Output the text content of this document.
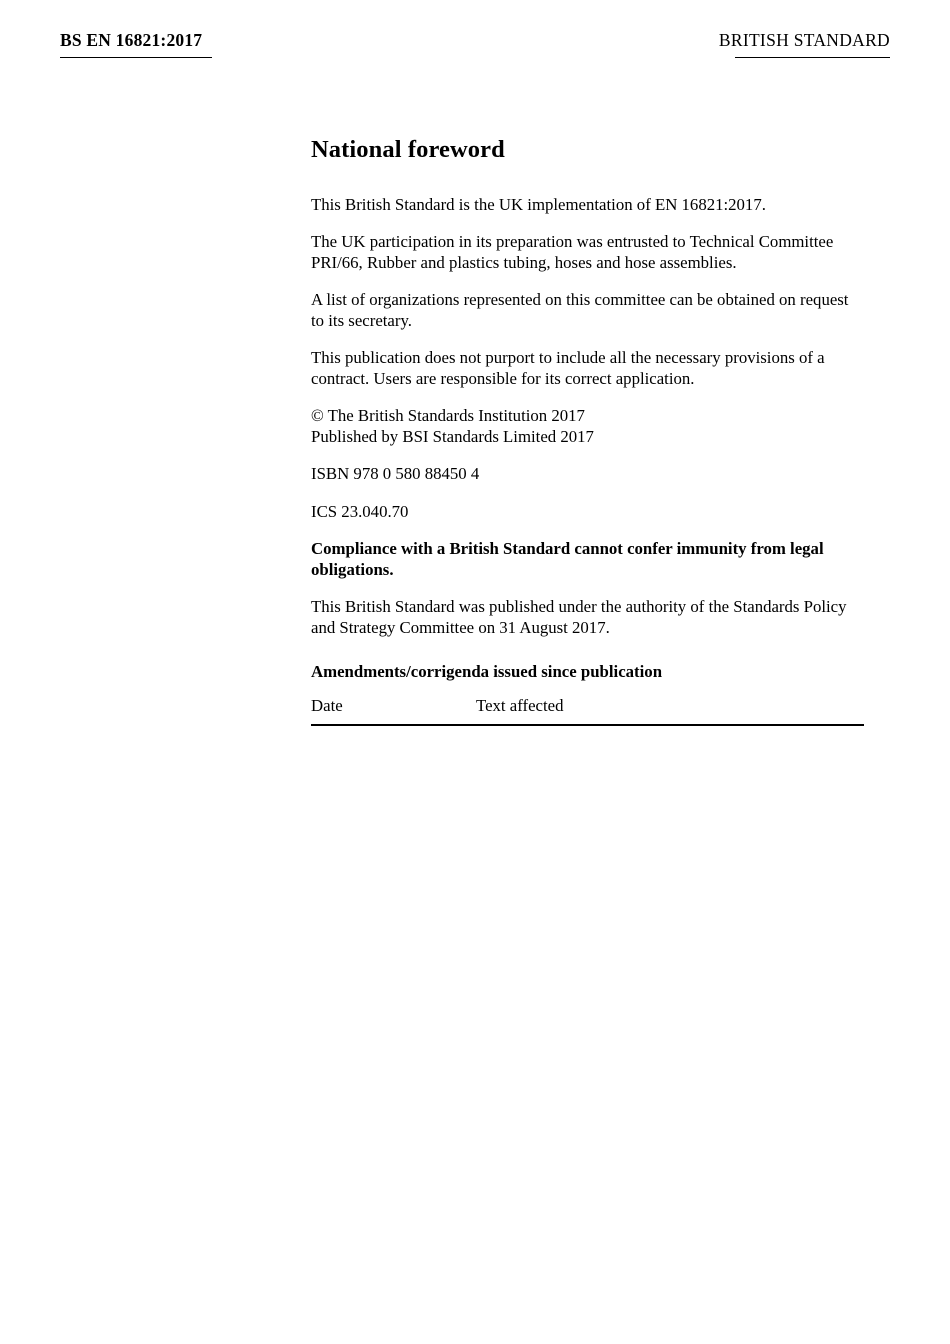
BS EN 16821:2017	BRITISH STANDARD
National foreword

This British Standard is the UK implementation of EN 16821:2017.

The UK participation in its preparation was entrusted to Technical Committee PRI/66, Rubber and plastics tubing, hoses and hose assemblies.

A list of organizations represented on this committee can be obtained on request to its secretary.

This publication does not purport to include all the necessary provisions of a contract. Users are responsible for its correct application.

© The British Standards Institution 2017

Published by BSI Standards Limited 2017

ISBN 978 0 580 88450 4

ICS 23.040.70

Compliance with a British Standard cannot confer immunity from legal obligations.

This British Standard was published under the authority of the Standards Policy and Strategy Committee on 31 August 2017.

Amendments/corrigenda issued since publication
Date	Text affected
